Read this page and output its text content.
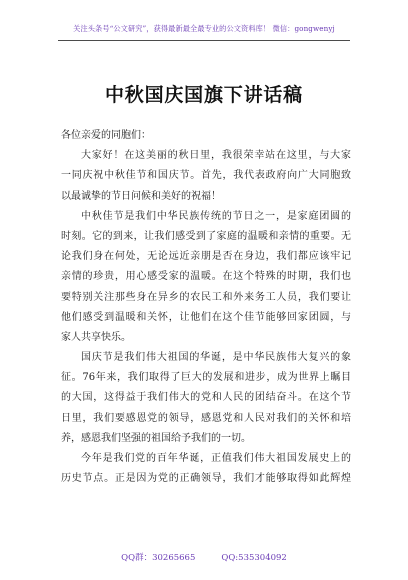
关注头条号“公文研究”，获得最新最全最专业的公文资料库！ 微信：gongwenyj
中秋国庆国旗下讲话稿
各位亲爱的同胞们：
大家好！在这美丽的秋日里，我很荣幸站在这里，与大家
一同庆祝中秋佳节和国庆节。首先，我代表政府向广大同胞致
以最诚挚的节日问候和美好的祝福！
中秋佳节是我们中华民族传统的节日之一，是家庭团圆的
时刻。它的到来，让我们感受到了家庭的温暖和亲情的重要。无
论我们身在何处，无论远近亲朋是否在身边，我们都应该牢记
亲情的珍贵，用心感受家的温暖。在这个特殊的时期，我们也
要特别关注那些身在异乡的农民工和外来务工人员，我们要让
他们感受到温暖和关怀，让他们在这个佳节能够回家团圆，与
家人共享快乐。
国庆节是我们伟大祖国的华诞，是中华民族伟大复兴的象
征。76年来，我们取得了巨大的发展和进步，成为世界上瞩目
的大国，这得益于我们伟大的党和人民的团结奋斗。在这个节
日里，我们要感恩党的领导，感恩党和人民对我们的关怀和培
养，感恩我们坚强的祖国给予我们的一切。
今年是我们党的百年华诞，正值我们伟大祖国发展史上的
历史节点。正是因为党的正确领导，我们才能够取得如此辉煌
QQ群：30265665	QQ:535304092
